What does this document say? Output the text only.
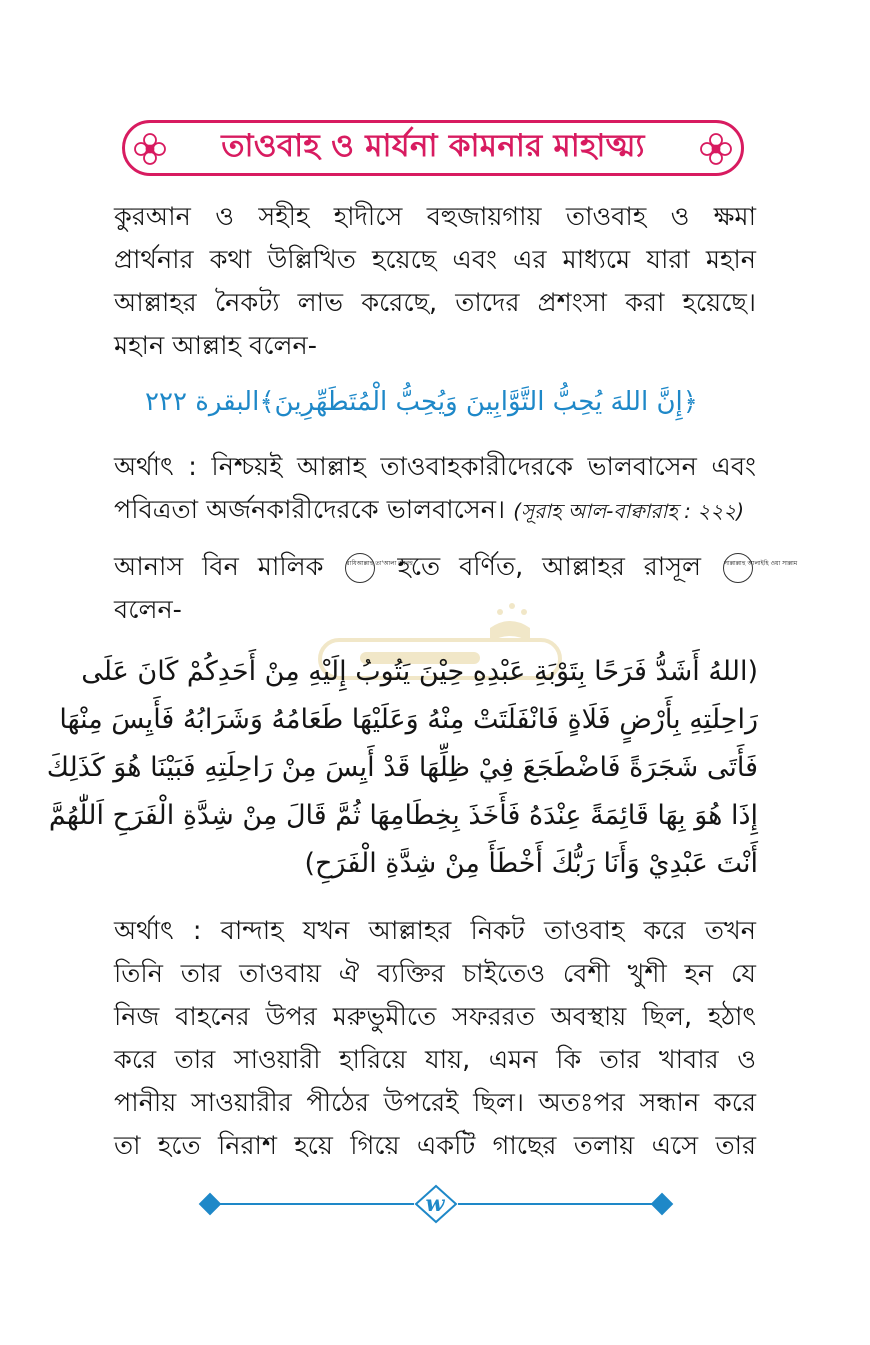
তাওবাহ ও মার্যনা কামনার মাহাত্ম্য
কুরআন ও সহীহ হাদীসে বহুজায়গায় তাওবাহ ও ক্ষমা
প্রার্থনার কথা উল্লিখিত হয়েছে এবং এর মাধ্যমে যারা মহান
আল্লাহর নৈকট্য লাভ করেছে, তাদের প্রশংসা করা হয়েছে।
মহান আল্লাহ বলেন-
﴿إِنَّ اللهَ يُحِبُّ التَّوَّابِينَ وَيُحِبُّ الْمُتَطَهِّرِينَ﴾البقرة ٢٢٢
অর্থাৎ : নিশ্চয়ই আল্লাহ তাওবাহকারীদেরকে ভালবাসেন এবং
পবিত্রতা অর্জনকারীদেরকে ভালবাসেন। (সূরাহ আল-বাক্বারাহ : ২২২)
আনাস বিন মালিক	রাযিআল্লাহু তা'আলা আনহু হতে বর্ণিত, আল্লাহর রাসূল	সাল্লাল্লাহু আলাইহি ওয়া সাল্লাম
বলেন-
(اللهُ أَشَدُّ فَرَحًا بِتَوْبَةِ عَبْدِهِ حِيْنَ يَتُوبُ إِلَيْهِ مِنْ أَحَدِكُمْ كَانَ عَلَى
رَاحِلَتِهِ بِأَرْضٍ فَلَاةٍ فَانْفَلَتَتْ مِنْهُ وَعَلَيْهَا طَعَامُهُ وَشَرَابُهُ فَأَيِسَ مِنْهَا
فَأَتَى شَجَرَةً فَاضْطَجَعَ فِيْ ظِلِّهَا قَدْ أَيِسَ مِنْ رَاحِلَتِهِ فَبَيْنَا هُوَ كَذَلِكَ
إِذَا هُوَ بِهَا قَائِمَةً عِنْدَهُ فَأَخَذَ بِخِطَامِهَا ثُمَّ قَالَ مِنْ شِدَّةِ الْفَرَحِ اَللّٰهُمَّ
أَنْتَ عَبْدِيْ وَأَنَا رَبُّكَ أَخْطَأَ مِنْ شِدَّةِ الْفَرَحِ)
অর্থাৎ : বান্দাহ যখন আল্লাহর নিকট তাওবাহ করে তখন
তিনি তার তাওবায় ঐ ব্যক্তির চাইতেও বেশী খুশী হন যে
নিজ বাহনের উপর মরুভুমীতে সফররত অবস্থায় ছিল, হঠাৎ
করে তার সাওয়ারী হারিয়ে যায়, এমন কি তার খাবার ও
পানীয় সাওয়ারীর পীঠের উপরেই ছিল। অতঃপর সন্ধান করে
তা হতে নিরাশ হয়ে গিয়ে একটি গাছের তলায় এসে তার
w
